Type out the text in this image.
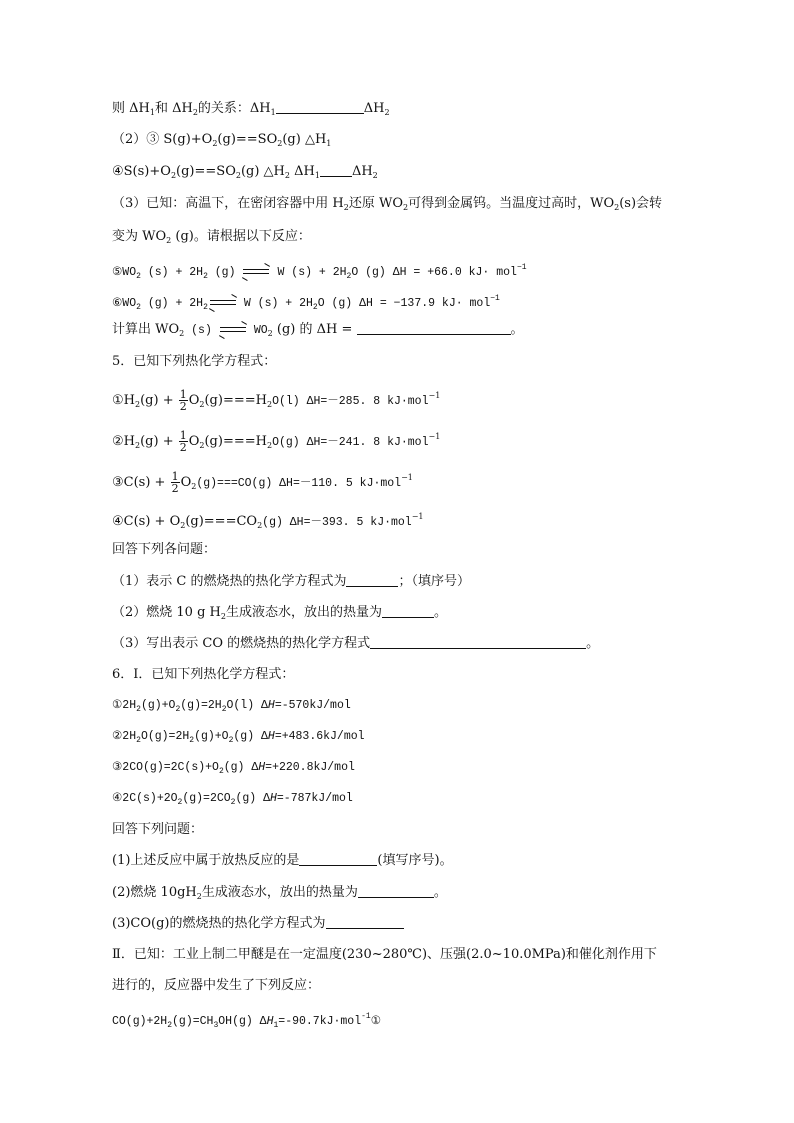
则 $\Delta H_1$和 $\Delta H_2$的关系：$\Delta H_1$	$\Delta H_2$
（2）③ $S(g)+O_2(g)==SO_2(g)$ $\triangle H_1$
$④S(s)+O_2(g)==SO_2(g)$ $\triangle H_2$ $\Delta H_1$ $\Delta H_2$
（3）已知：高温下，在密闭容器中用 $H_2$还原 $WO_2$可得到金属钨。当温度过高时，$WO_2(s)$会转
变为 $WO_2$ (g)。请根据以下反应：
$⑤WO_2$ $(s) + 2H_2$ (g) → W $(s) + 2H_2O$ (g) ΔH = +66.0 kJ· mol$^{-1}$
$⑥WO_2$ $(g) + 2H_2 \to W$ $(s) + 2H_2O$ (g) ΔH = −137.9 kJ· mol$^{-1}$
计算出 $WO_2$ $(s) \to WO_2$ (g) 的 ΔH =	。
5．已知下列热化学方程式：
$①H_2(g) + \frac{1}{2} O_2(g)===H_2O(l)$ ΔH=－285. 8 kJ·mol$^{-1}$
$②H_2(g) + \frac{1}{2} O_2(g)===H_2O(g)$ ΔH=－241. 8 kJ·mol$^{-1}$
③C(s) + $\frac{1}{2} O_2(g)===CO(g)$ ΔH=－110. 5 kJ·mol$^{-1}$
④C(s) + $O_2(g)===CO_2(g)$ ΔH=－393. 5 kJ·mol$^{-1}$
回答下列各问题：
（1）表示 C 的燃烧热的热化学方程式为	；（填序号）
（2）燃烧 10 g $H_2$生成液态水，放出的热量为	。
（3）写出表示 CO 的燃烧热的热化学方程式	。
6．Ⅰ．已知下列热化学方程式：
$①2H_2(g)+O_2(g)=2H_2O(l)$ ΔH=-570kJ/mol
$②2H_2O(g)=2H_2(g)+O_2(g)$ ΔH=+483.6kJ/mol
$③2CO(g)=2C(s)+O_2(g)$ ΔH=+220.8kJ/mol
$④2C(s)+2O_2(g)=2CO_2(g)$ ΔH=-787kJ/mol
回答下列问题：
(1)上述反应中属于放热反应的是	(填写序号)。
(2)燃烧 $10gH_2$生成液态水，放出的热量为	。
(3)CO(g)的燃烧热的热化学方程式为
Ⅱ．已知：工业上制二甲醚是在一定温度(230~280℃)、压强(2.0~10.0MPa)和催化剂作用下
进行的，反应器中发生了下列反应：
$CO(g)+2H_2(g)=CH_3OH(g)$ $\Delta H_1=-90.7kJ\cdot mol^{-1}①$
